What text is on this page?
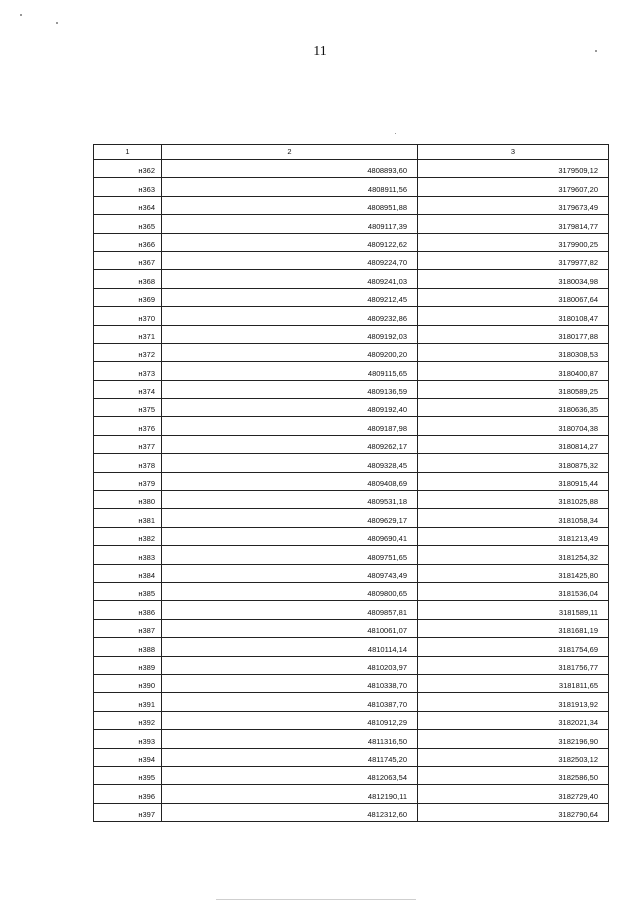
11
1	2	3
н362	4808893,60	3179509,12
н363	4808911,56	3179607,20
н364	4808951,88	3179673,49
н365	4809117,39	3179814,77
н366	4809122,62	3179900,25
н367	4809224,70	3179977,82
н368	4809241,03	3180034,98
н369	4809212,45	3180067,64
н370	4809232,86	3180108,47
н371	4809192,03	3180177,88
н372	4809200,20	3180308,53
н373	4809115,65	3180400,87
н374	4809136,59	3180589,25
н375	4809192,40	3180636,35
н376	4809187,98	3180704,38
н377	4809262,17	3180814,27
н378	4809328,45	3180875,32
н379	4809408,69	3180915,44
н380	4809531,18	3181025,88
н381	4809629,17	3181058,34
н382	4809690,41	3181213,49
н383	4809751,65	3181254,32
н384	4809743,49	3181425,80
н385	4809800,65	3181536,04
н386	4809857,81	3181589,11
н387	4810061,07	3181681,19
н388	4810114,14	3181754,69
н389	4810203,97	3181756,77
н390	4810338,70	3181811,65
н391	4810387,70	3181913,92
н392	4810912,29	3182021,34
н393	4811316,50	3182196,90
н394	4811745,20	3182503,12
н395	4812063,54	3182586,50
н396	4812190,11	3182729,40
н397	4812312,60	3182790,64
